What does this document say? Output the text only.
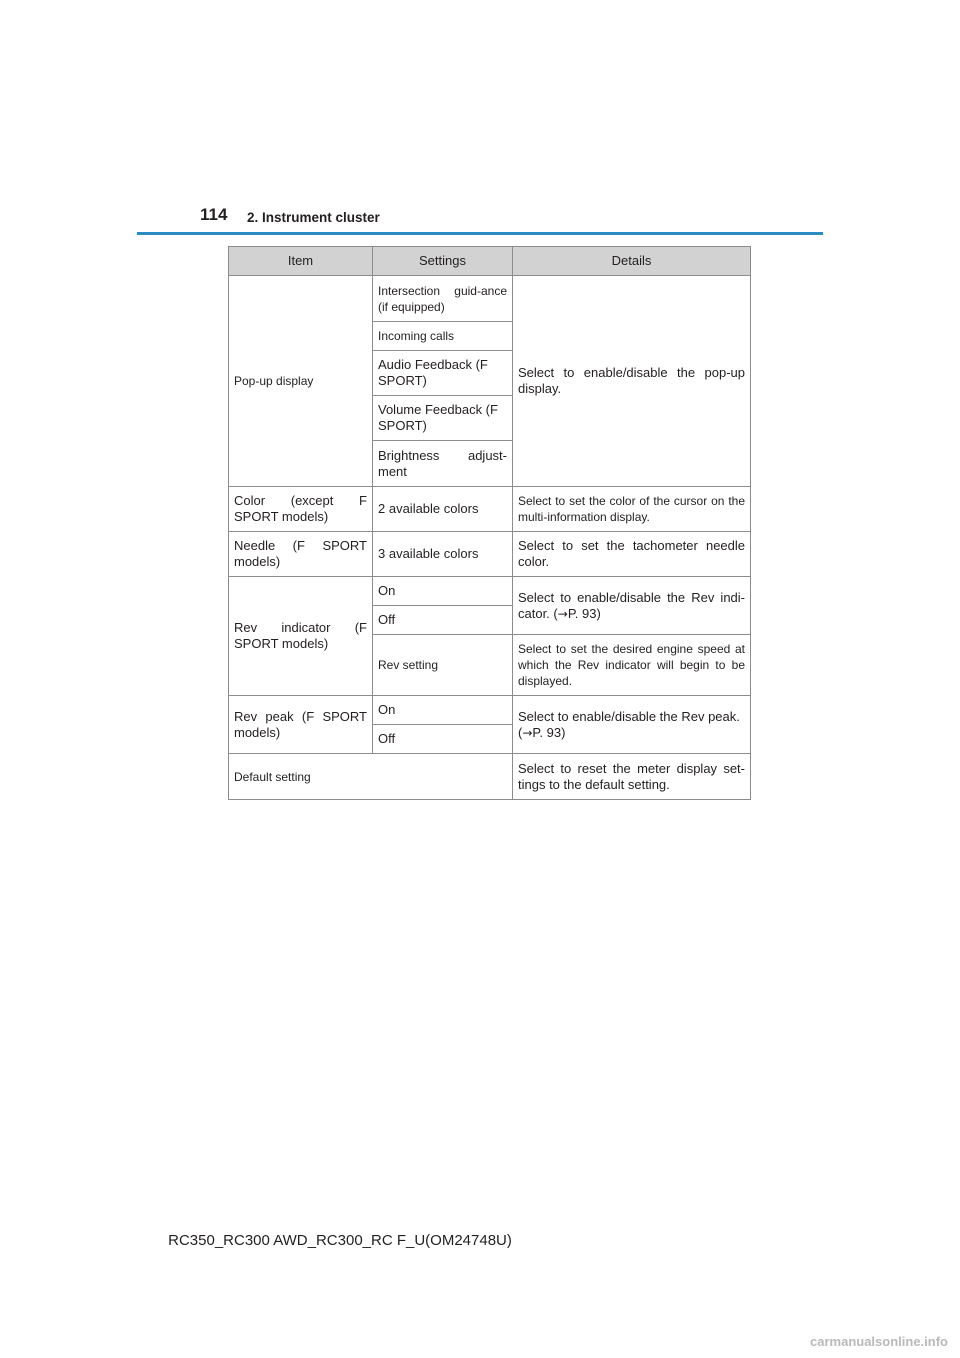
114 2. Instrument cluster
Item	Settings	Details
Pop-up display	Intersection guid-ance (if equipped)	Select to enable/disable the pop-up display.
	Incoming calls	
	Audio Feedback (F SPORT)	
	Volume Feedback (F SPORT)	
	Brightness adjust-ment	
Color (except F SPORT models)	2 available colors	Select to set the color of the cursor on the multi-information display.
Needle (F SPORT models)	3 available colors	Select to set the tachometer needle color.
Rev indicator (F SPORT models)	On	Select to enable/disable the Rev indi-cator. (→P. 93)
	Off	
	Rev setting	Select to set the desired engine speed at which the Rev indicator will begin to be displayed.
Rev peak (F SPORT models)	On	Select to enable/disable the Rev peak. (→P. 93)
	Off	
Default setting		Select to reset the meter display set-tings to the default setting.
RC350_RC300 AWD_RC300_RC F_U(OM24748U)
carmanualsonline.info
